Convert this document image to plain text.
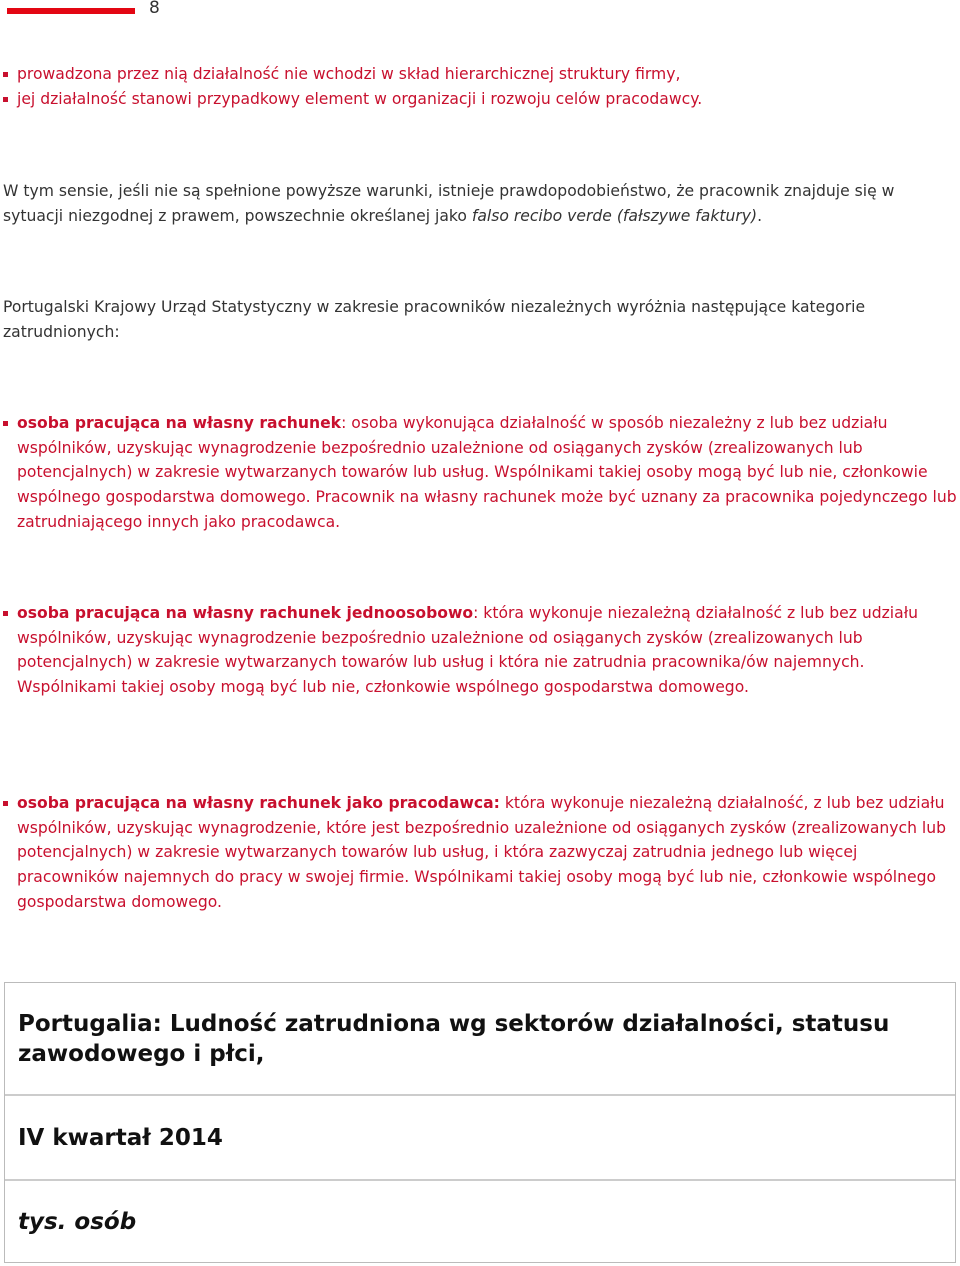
8
prowadzona przez nią działalność nie wchodzi w skład hierarchicznej struktury firmy,
jej działalność stanowi przypadkowy element w organizacji i rozwoju celów pracodawcy.

W tym sensie, jeśli nie są spełnione powyższe warunki, istnieje prawdopodobieństwo, że pracownik znajduje się w sytuacji niezgodnej z prawem, powszechnie określanej jako falso recibo verde (fałszywe faktury).

Portugalski Krajowy Urząd Statystyczny w zakresie pracowników niezależnych wyróżnia następujące kategorie zatrudnionych:

osoba pracująca na własny rachunek: osoba wykonująca działalność w sposób niezależny z lub bez udziału wspólników, uzyskując wynagrodzenie bezpośrednio uzależnione od osiąganych zysków (zrealizowanych lub potencjalnych) w zakresie wytwarzanych towarów lub usług. Wspólnikami takiej osoby mogą być lub nie, członkowie wspólnego gospodarstwa domowego. Pracownik na własny rachunek może być uznany za pracownika pojedynczego lub zatrudniającego innych jako pracodawca.

osoba pracująca na własny rachunek jednoosobowo: która wykonuje niezależną działalność z lub bez udziału wspólników, uzyskując wynagrodzenie bezpośrednio uzależnione od osiąganych zysków (zrealizowanych lub potencjalnych) w zakresie wytwarzanych towarów lub usług i która nie zatrudnia pracownika/ów najemnych. Wspólnikami takiej osoby mogą być lub nie, członkowie wspólnego gospodarstwa domowego.

osoba pracująca na własny rachunek jako pracodawca: która wykonuje niezależną działalność, z lub bez udziału wspólników, uzyskując wynagrodzenie, które jest bezpośrednio uzależnione od osiąganych zysków (zrealizowanych lub potencjalnych) w zakresie wytwarzanych towarów lub usług, i która zazwyczaj zatrudnia jednego lub więcej pracowników najemnych do pracy w swojej firmie. Wspólnikami takiej osoby mogą być lub nie, członkowie wspólnego gospodarstwa domowego.

Portugalia: Ludność zatrudniona wg sektorów działalności, statusu zawodowego i płci,
IV kwartał 2014
tys. osób
